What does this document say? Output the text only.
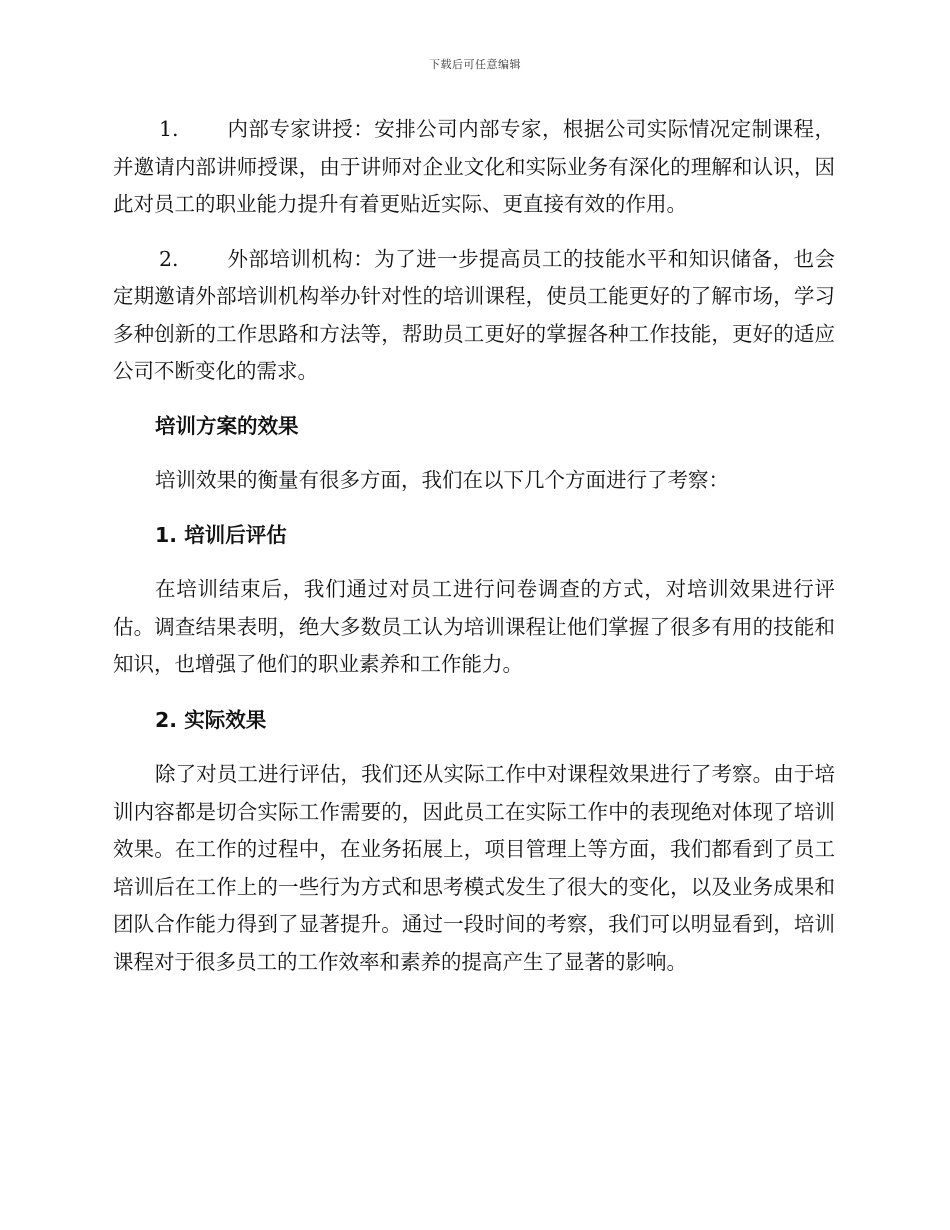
下载后可任意编辑

1. 内部专家讲授：安排公司内部专家，根据公司实际情况定制课程，并邀请内部讲师授课，由于讲师对企业文化和实际业务有深化的理解和认识，因此对员工的职业能力提升有着更贴近实际、更直接有效的作用。

2. 外部培训机构：为了进一步提高员工的技能水平和知识储备，也会定期邀请外部培训机构举办针对性的培训课程，使员工能更好的了解市场，学习多种创新的工作思路和方法等，帮助员工更好的掌握各种工作技能，更好的适应公司不断变化的需求。

培训方案的效果

培训效果的衡量有很多方面，我们在以下几个方面进行了考察：

1. 培训后评估

在培训结束后，我们通过对员工进行问卷调查的方式，对培训效果进行评估。调查结果表明，绝大多数员工认为培训课程让他们掌握了很多有用的技能和知识，也增强了他们的职业素养和工作能力。

2. 实际效果

除了对员工进行评估，我们还从实际工作中对课程效果进行了考察。由于培训内容都是切合实际工作需要的，因此员工在实际工作中的表现绝对体现了培训效果。在工作的过程中，在业务拓展上，项目管理上等方面，我们都看到了员工培训后在工作上的一些行为方式和思考模式发生了很大的变化，以及业务成果和团队合作能力得到了显著提升。通过一段时间的考察，我们可以明显看到，培训课程对于很多员工的工作效率和素养的提高产生了显著的影响。
